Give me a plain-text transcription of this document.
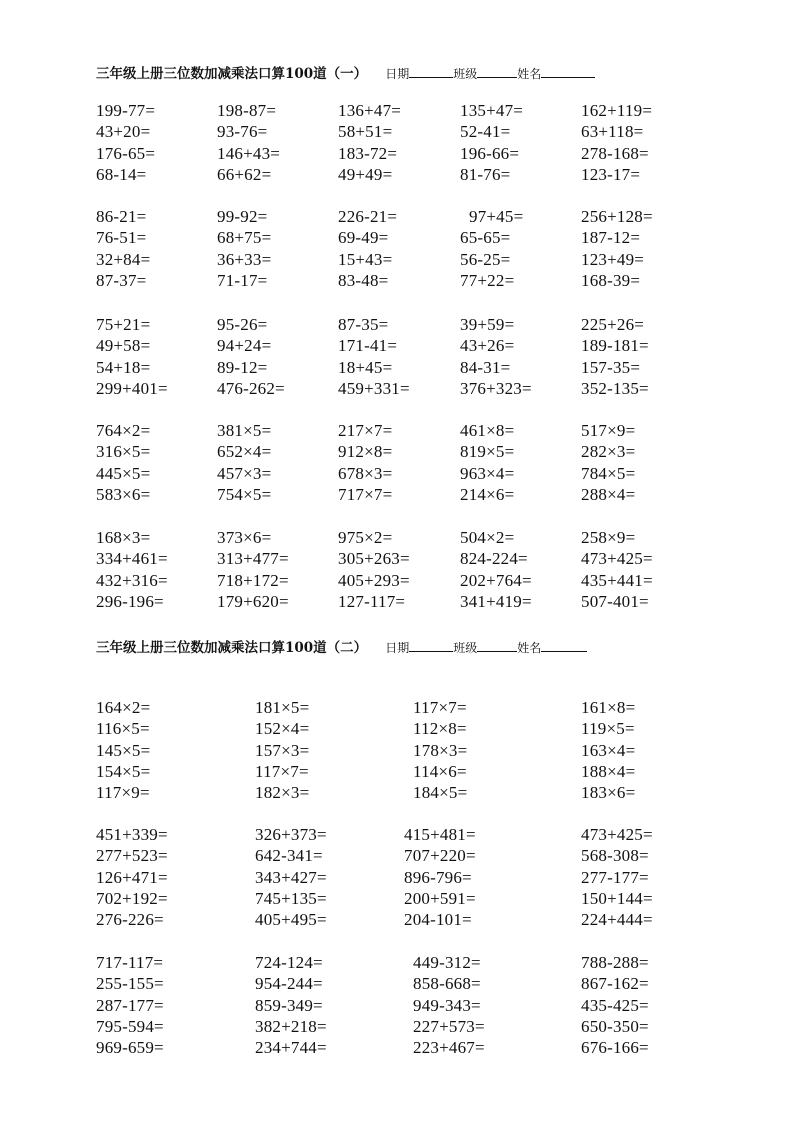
三年级上册三位数加减乘法口算100道（一） 日期	班级	姓名
三年级上册三位数加减乘法口算100道（二） 日期	班级	姓名
199-77=	198-87=	136+47=	135+47=	162+119=
43+20=	93-76=	58+51=	52-41=	63+118=
176-65=	146+43=	183-72=	196-66=	278-168=
68-14=	66+62=	49+49=	81-76=	123-17=
86-21=	99-92=	226-21=	97+45=	256+128=
76-51=	68+75=	69-49=	65-65=	187-12=
32+84=	36+33=	15+43=	56-25=	123+49=
87-37=	71-17=	83-48=	77+22=	168-39=
75+21=	95-26=	87-35=	39+59=	225+26=
49+58=	94+24=	171-41=	43+26=	189-181=
54+18=	89-12=	18+45=	84-31=	157-35=
299+401=	476-262=	459+331=	376+323=	352-135=
764×2=	381×5=	217×7=	461×8=	517×9=
316×5=	652×4=	912×8=	819×5=	282×3=
445×5=	457×3=	678×3=	963×4=	784×5=
583×6=	754×5=	717×7=	214×6=	288×4=
168×3=	373×6=	975×2=	504×2=	258×9=
334+461=	313+477=	305+263=	824-224=	473+425=
432+316=	718+172=	405+293=	202+764=	435+441=
296-196=	179+620=	127-117=	341+419=	507-401=
164×2=	181×5=	117×7=	161×8=
116×5=	152×4=	112×8=	119×5=
145×5=	157×3=	178×3=	163×4=
154×5=	117×7=	114×6=	188×4=
117×9=	182×3=	184×5=	183×6=
451+339=	326+373=	415+481=	473+425=
277+523=	642-341=	707+220=	568-308=
126+471=	343+427=	896-796=	277-177=
702+192=	745+135=	200+591=	150+144=
276-226=	405+495=	204-101=	224+444=
717-117=	724-124=	449-312=	788-288=
255-155=	954-244=	858-668=	867-162=
287-177=	859-349=	949-343=	435-425=
795-594=	382+218=	227+573=	650-350=
969-659=	234+744=	223+467=	676-166=
